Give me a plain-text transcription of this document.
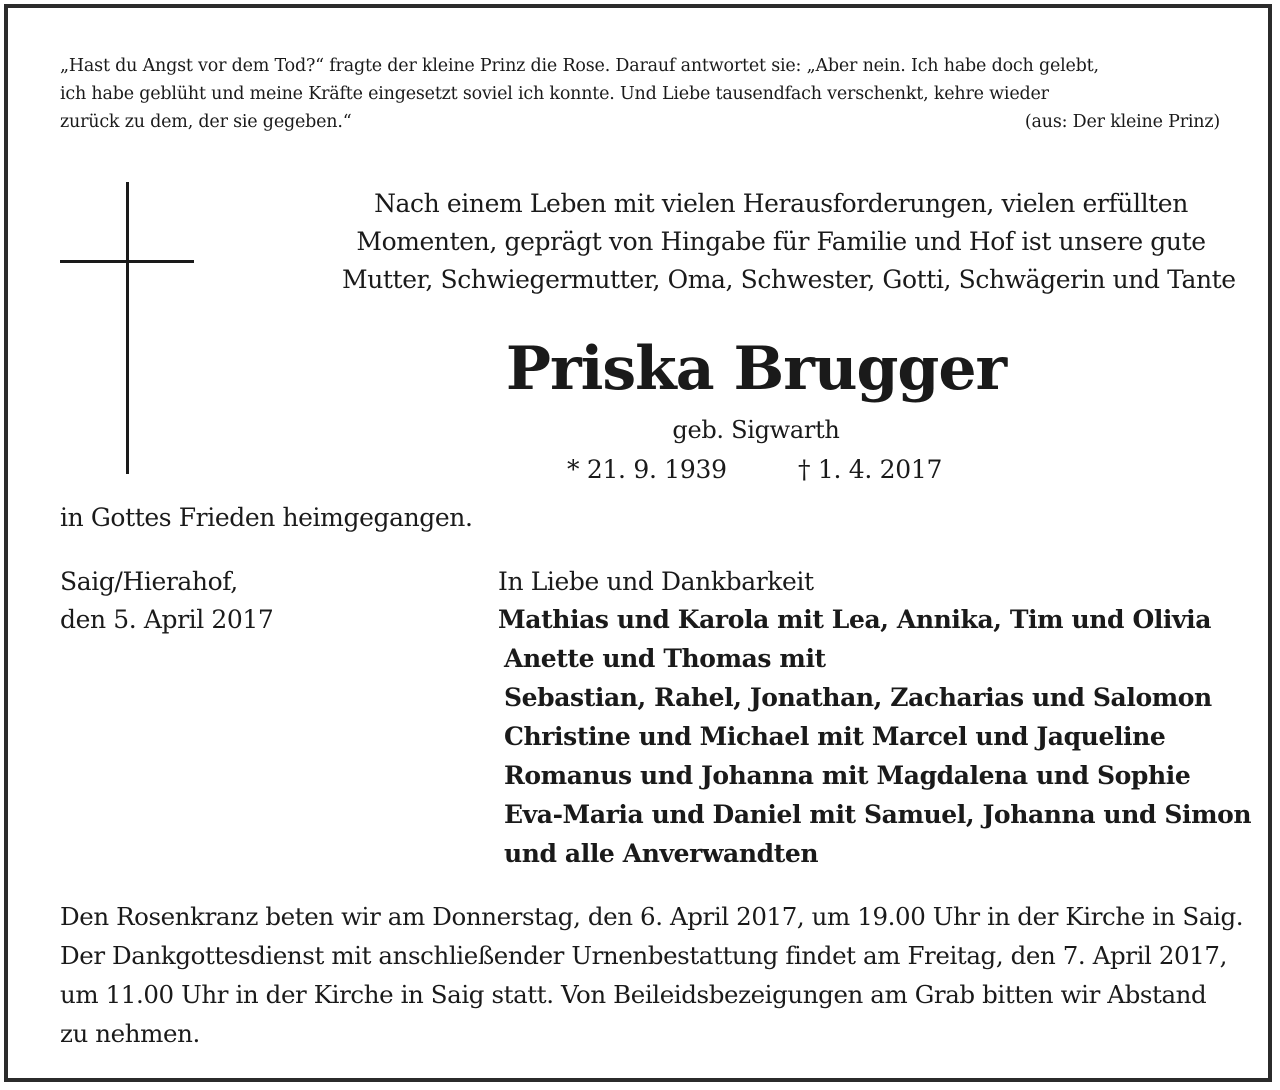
„Hast du Angst vor dem Tod?“ fragte der kleine Prinz die Rose. Darauf antwortet sie: „Aber nein. Ich habe doch gelebt,
ich habe geblüht und meine Kräfte eingesetzt soviel ich konnte. Und Liebe tausendfach verschenkt, kehre wieder
zurück zu dem, der sie gegeben.“	(aus: Der kleine Prinz)
Nach einem Leben mit vielen Herausforderungen, vielen erfüllten
Momenten, geprägt von Hingabe für Familie und Hof ist unsere gute
Mutter, Schwiegermutter, Oma, Schwester, Gotti, Schwägerin und Tante
Priska Brugger
geb. Sigwarth
* 21. 9. 1939	† 1. 4. 2017
in Gottes Frieden heimgegangen.
Saig/Hierahof,
den 5. April 2017
In Liebe und Dankbarkeit
Mathias und Karola mit Lea, Annika, Tim und Olivia
Anette und Thomas mit
Sebastian, Rahel, Jonathan, Zacharias und Salomon
Christine und Michael mit Marcel und Jaqueline
Romanus und Johanna mit Magdalena und Sophie
Eva-Maria und Daniel mit Samuel, Johanna und Simon
und alle Anverwandten
Den Rosenkranz beten wir am Donnerstag, den 6. April 2017, um 19.00 Uhr in der Kirche in Saig.
Der Dankgottesdienst mit anschließender Urnenbestattung findet am Freitag, den 7. April 2017,
um 11.00 Uhr in der Kirche in Saig statt. Von Beileidsbezeigungen am Grab bitten wir Abstand
zu nehmen.
